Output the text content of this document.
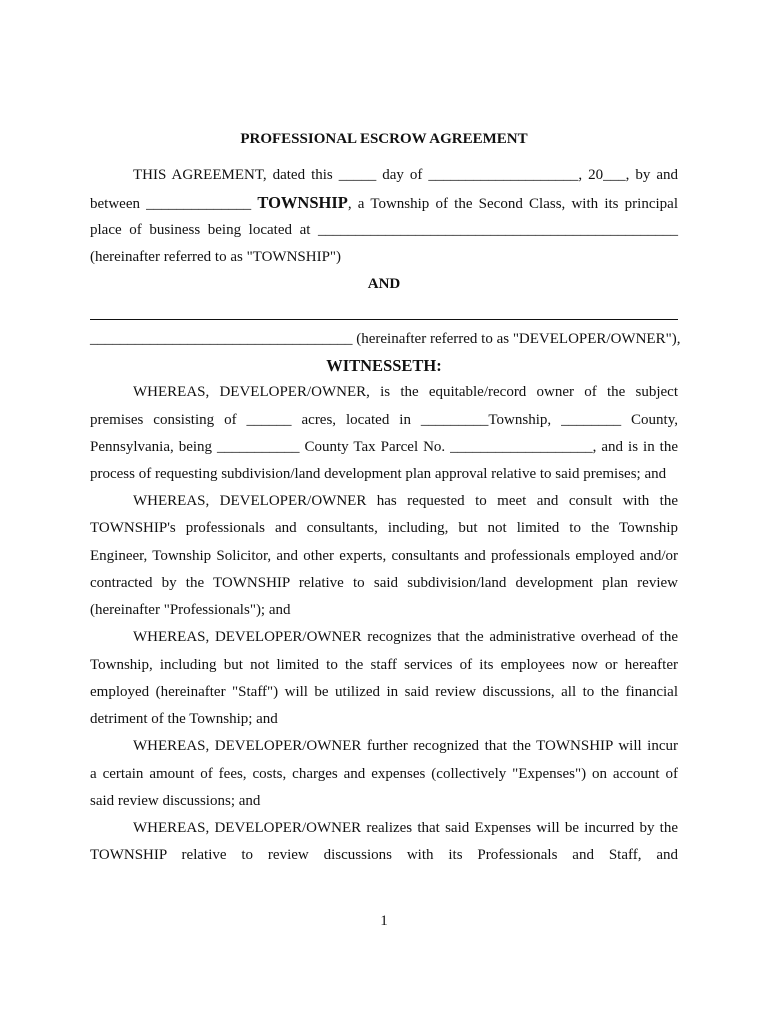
PROFESSIONAL ESCROW AGREEMENT

THIS AGREEMENT, dated this _____ day of ____________________, 20___, by and

between ______________ TOWNSHIP, a Township of the Second Class, with its principal

place of business being located at ________________________________________________

(hereinafter referred to as "TOWNSHIP")

AND

___________________________________ (hereinafter referred to as "DEVELOPER/OWNER"),

WITNESSETH:

WHEREAS, DEVELOPER/OWNER, is the equitable/record owner of the subject

premises consisting of ______ acres, located in _________Township, ________ County,

Pennsylvania, being ___________ County Tax Parcel No. ___________________, and is in the

process of requesting subdivision/land development plan approval relative to said premises; and

WHEREAS, DEVELOPER/OWNER has requested to meet and consult with the

TOWNSHIP's professionals and consultants, including, but not limited to the Township

Engineer, Township Solicitor, and other experts, consultants and professionals employed and/or

contracted by the TOWNSHIP relative to said subdivision/land development plan review

(hereinafter "Professionals"); and

WHEREAS, DEVELOPER/OWNER recognizes that the administrative overhead of the

Township, including but not limited to the staff services of its employees now or hereafter

employed (hereinafter "Staff") will be utilized in said review discussions, all to the financial

detriment of the Township; and

WHEREAS, DEVELOPER/OWNER further recognized that the TOWNSHIP will incur

a certain amount of fees, costs, charges and expenses (collectively "Expenses") on account of

said review discussions; and

WHEREAS, DEVELOPER/OWNER realizes that said Expenses will be incurred by the

TOWNSHIP relative to review discussions with its Professionals and Staff, and

1
